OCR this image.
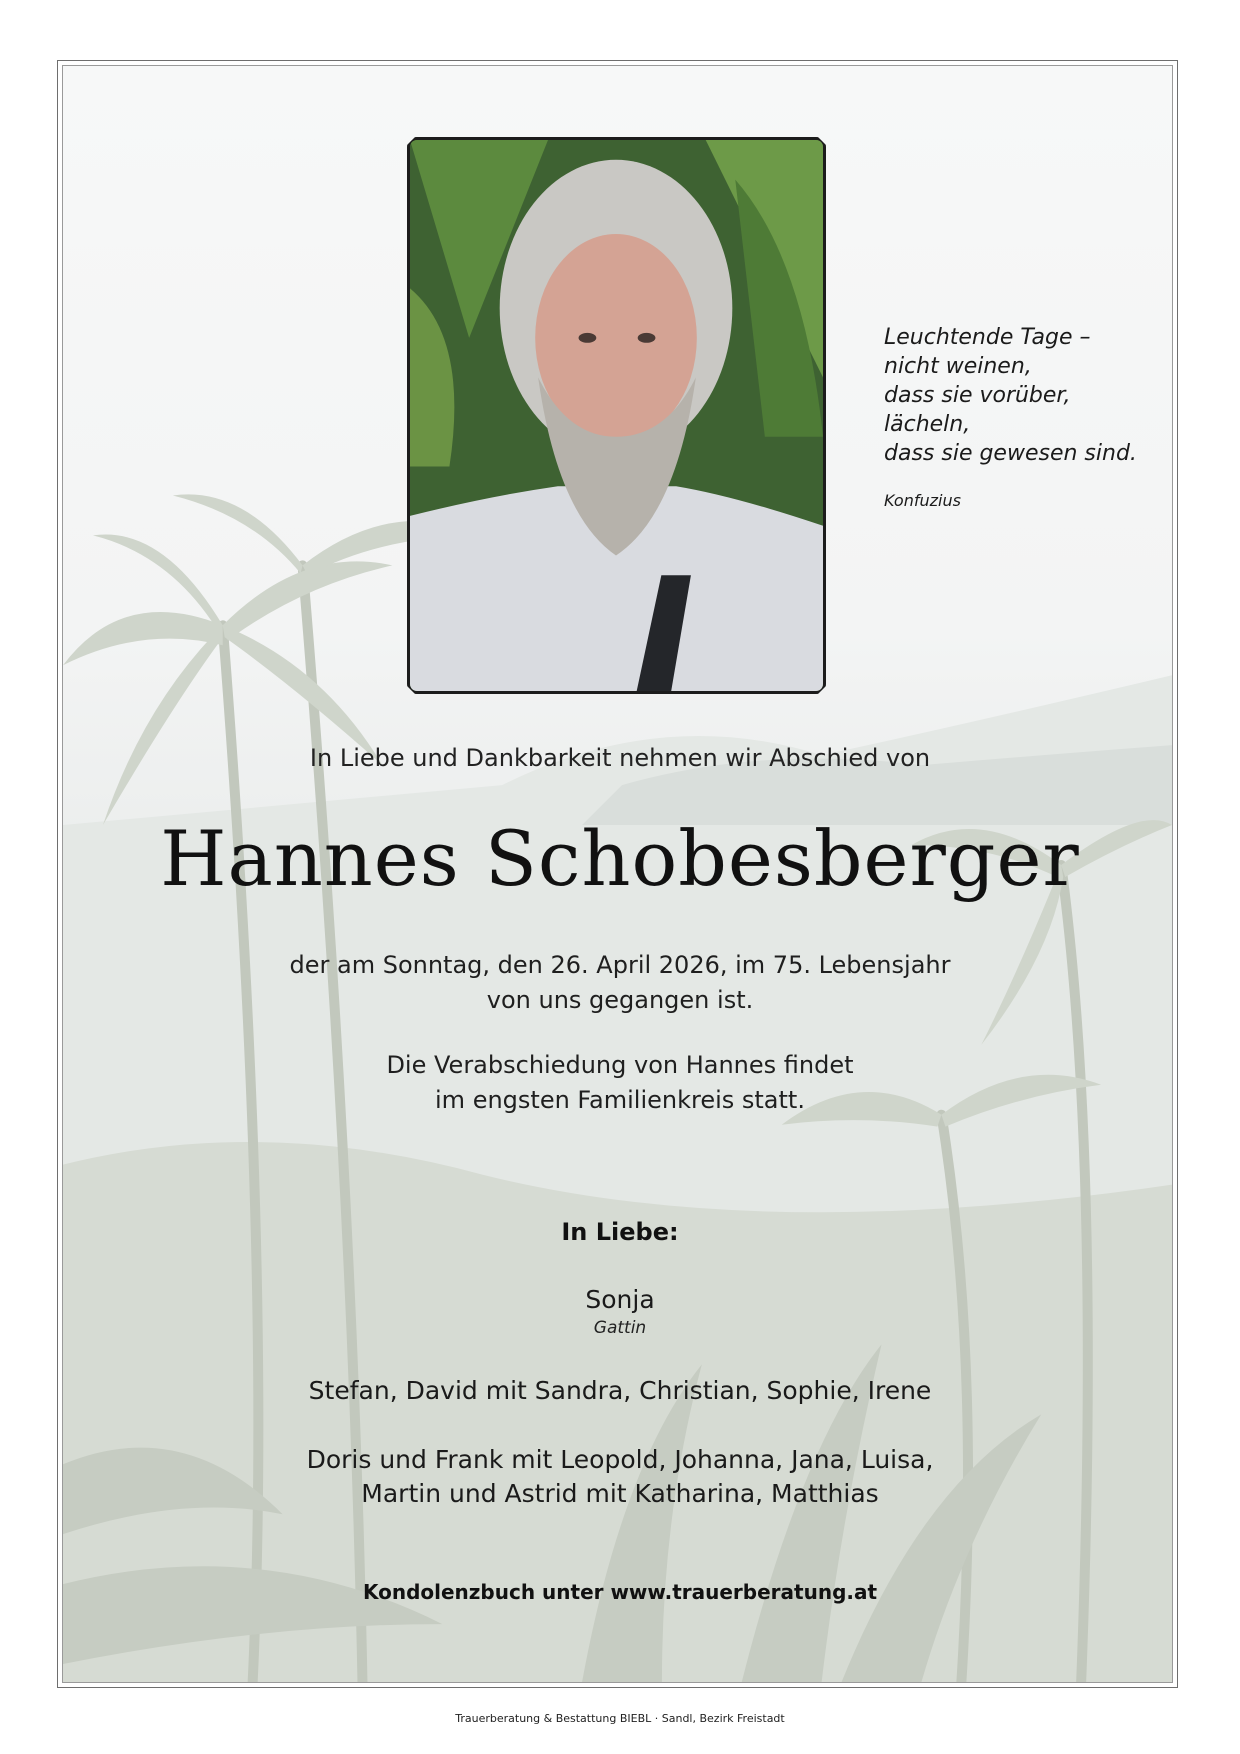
Leuchtende Tage –
nicht weinen,
dass sie vorüber,
lächeln,
dass sie gewesen sind.
Konfuzius
In Liebe und Dankbarkeit nehmen wir Abschied von
Hannes Schobesberger
der am Sonntag, den 26. April 2026, im 75. Lebensjahr
von uns gegangen ist.
Die Verabschiedung von Hannes findet
im engsten Familienkreis statt.
In Liebe:
Sonja
Gattin
Stefan, David mit Sandra, Christian, Sophie, Irene
Doris und Frank mit Leopold, Johanna, Jana, Luisa,
Martin und Astrid mit Katharina, Matthias
Kondolenzbuch unter www.trauerberatung.at
Trauerberatung & Bestattung BIEBL · Sandl, Bezirk Freistadt
